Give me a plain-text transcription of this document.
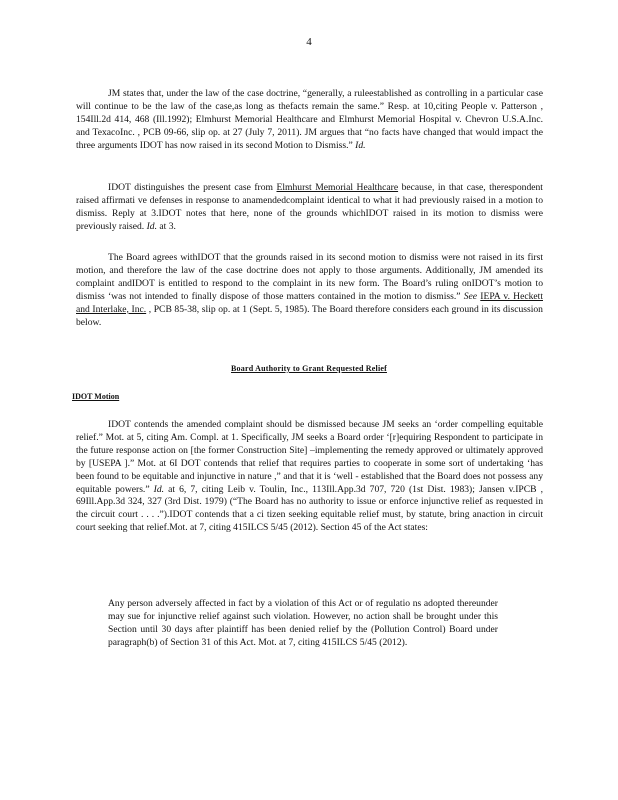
4

JM states that, under the law of the case doctrine, “generally, a ruleestablished as controlling in a particular case will continue to be the law of the case,as long as thefacts remain the same.” Resp. at 10,citing People v. Patterson , 154Ill.2d 414, 468 (Ill.1992); Elmhurst Memorial Healthcare and Elmhurst Memorial Hospital v. Chevron U.S.A.Inc. and TexacoInc. , PCB 09-66, slip op. at 27 (July 7, 2011). JM argues that “no facts have changed that would impact the three arguments IDOT has now raised in its second Motion to Dismiss.” Id.

IDOT distinguishes the present case from Elmhurst Memorial Healthcare because, in that case, therespondent raised affirmati ve defenses in response to anamendedcomplaint identical to what it had previously raised in a motion to dismiss. Reply at 3.IDOT notes that here, none of the grounds whichIDOT raised in its motion to dismiss were previously raised. Id. at 3.

The Board agrees withIDOT that the grounds raised in its second motion to dismiss were not raised in its first motion, and therefore the law of the case doctrine does not apply to those arguments. Additionally, JM amended its complaint andIDOT is entitled to respond to the complaint in its new form. The Board’s ruling onIDOT’s motion to dismiss ‘was not intended to finally dispose of those matters contained in the motion to dismiss.” See IEPA v. Heckett and Interlake, Inc. , PCB 85-38, slip op. at 1 (Sept. 5, 1985). The Board therefore considers each ground in its discussion below.

Board Authority to Grant Requested Relief
IDOT Motion

IDOT contends the amended complaint should be dismissed because JM seeks an ‘order compelling equitable relief.” Mot. at 5, citing Am. Compl. at 1. Specifically, JM seeks a Board order ‘[r]equiring Respondent to participate in the future response action on [the former Construction Site] –implementing the remedy approved or ultimately approved by [USEPA ].” Mot. at 6I DOT contends that relief that requires parties to cooperate in some sort of undertaking ‘has been found to be equitable and injunctive in nature ,” and that it is ‘well - established that the Board does not possess any equitable powers.” Id. at 6, 7, citing Leib v. Toulin, Inc., 113Ill.App.3d 707, 720 (1st Dist. 1983); Jansen v.IPCB , 69Ill.App.3d 324, 327 (3rd Dist. 1979) (“The Board has no authority to issue or enforce injunctive relief as requested in the circuit court . . . .”).IDOT contends that a ci tizen seeking equitable relief must, by statute, bring anaction in circuit court seeking that relief.Mot. at 7, citing 415ILCS 5/45 (2012). Section 45 of the Act states:

Any person adversely affected in fact by a violation of this Act or of regulatio ns adopted thereunder may sue for injunctive relief against such violation. However, no action shall be brought under this Section until 30 days after plaintiff has been denied relief by the (Pollution Control) Board under paragraph(b) of Section 31 of this Act. Mot. at 7, citing 415ILCS 5/45 (2012).
